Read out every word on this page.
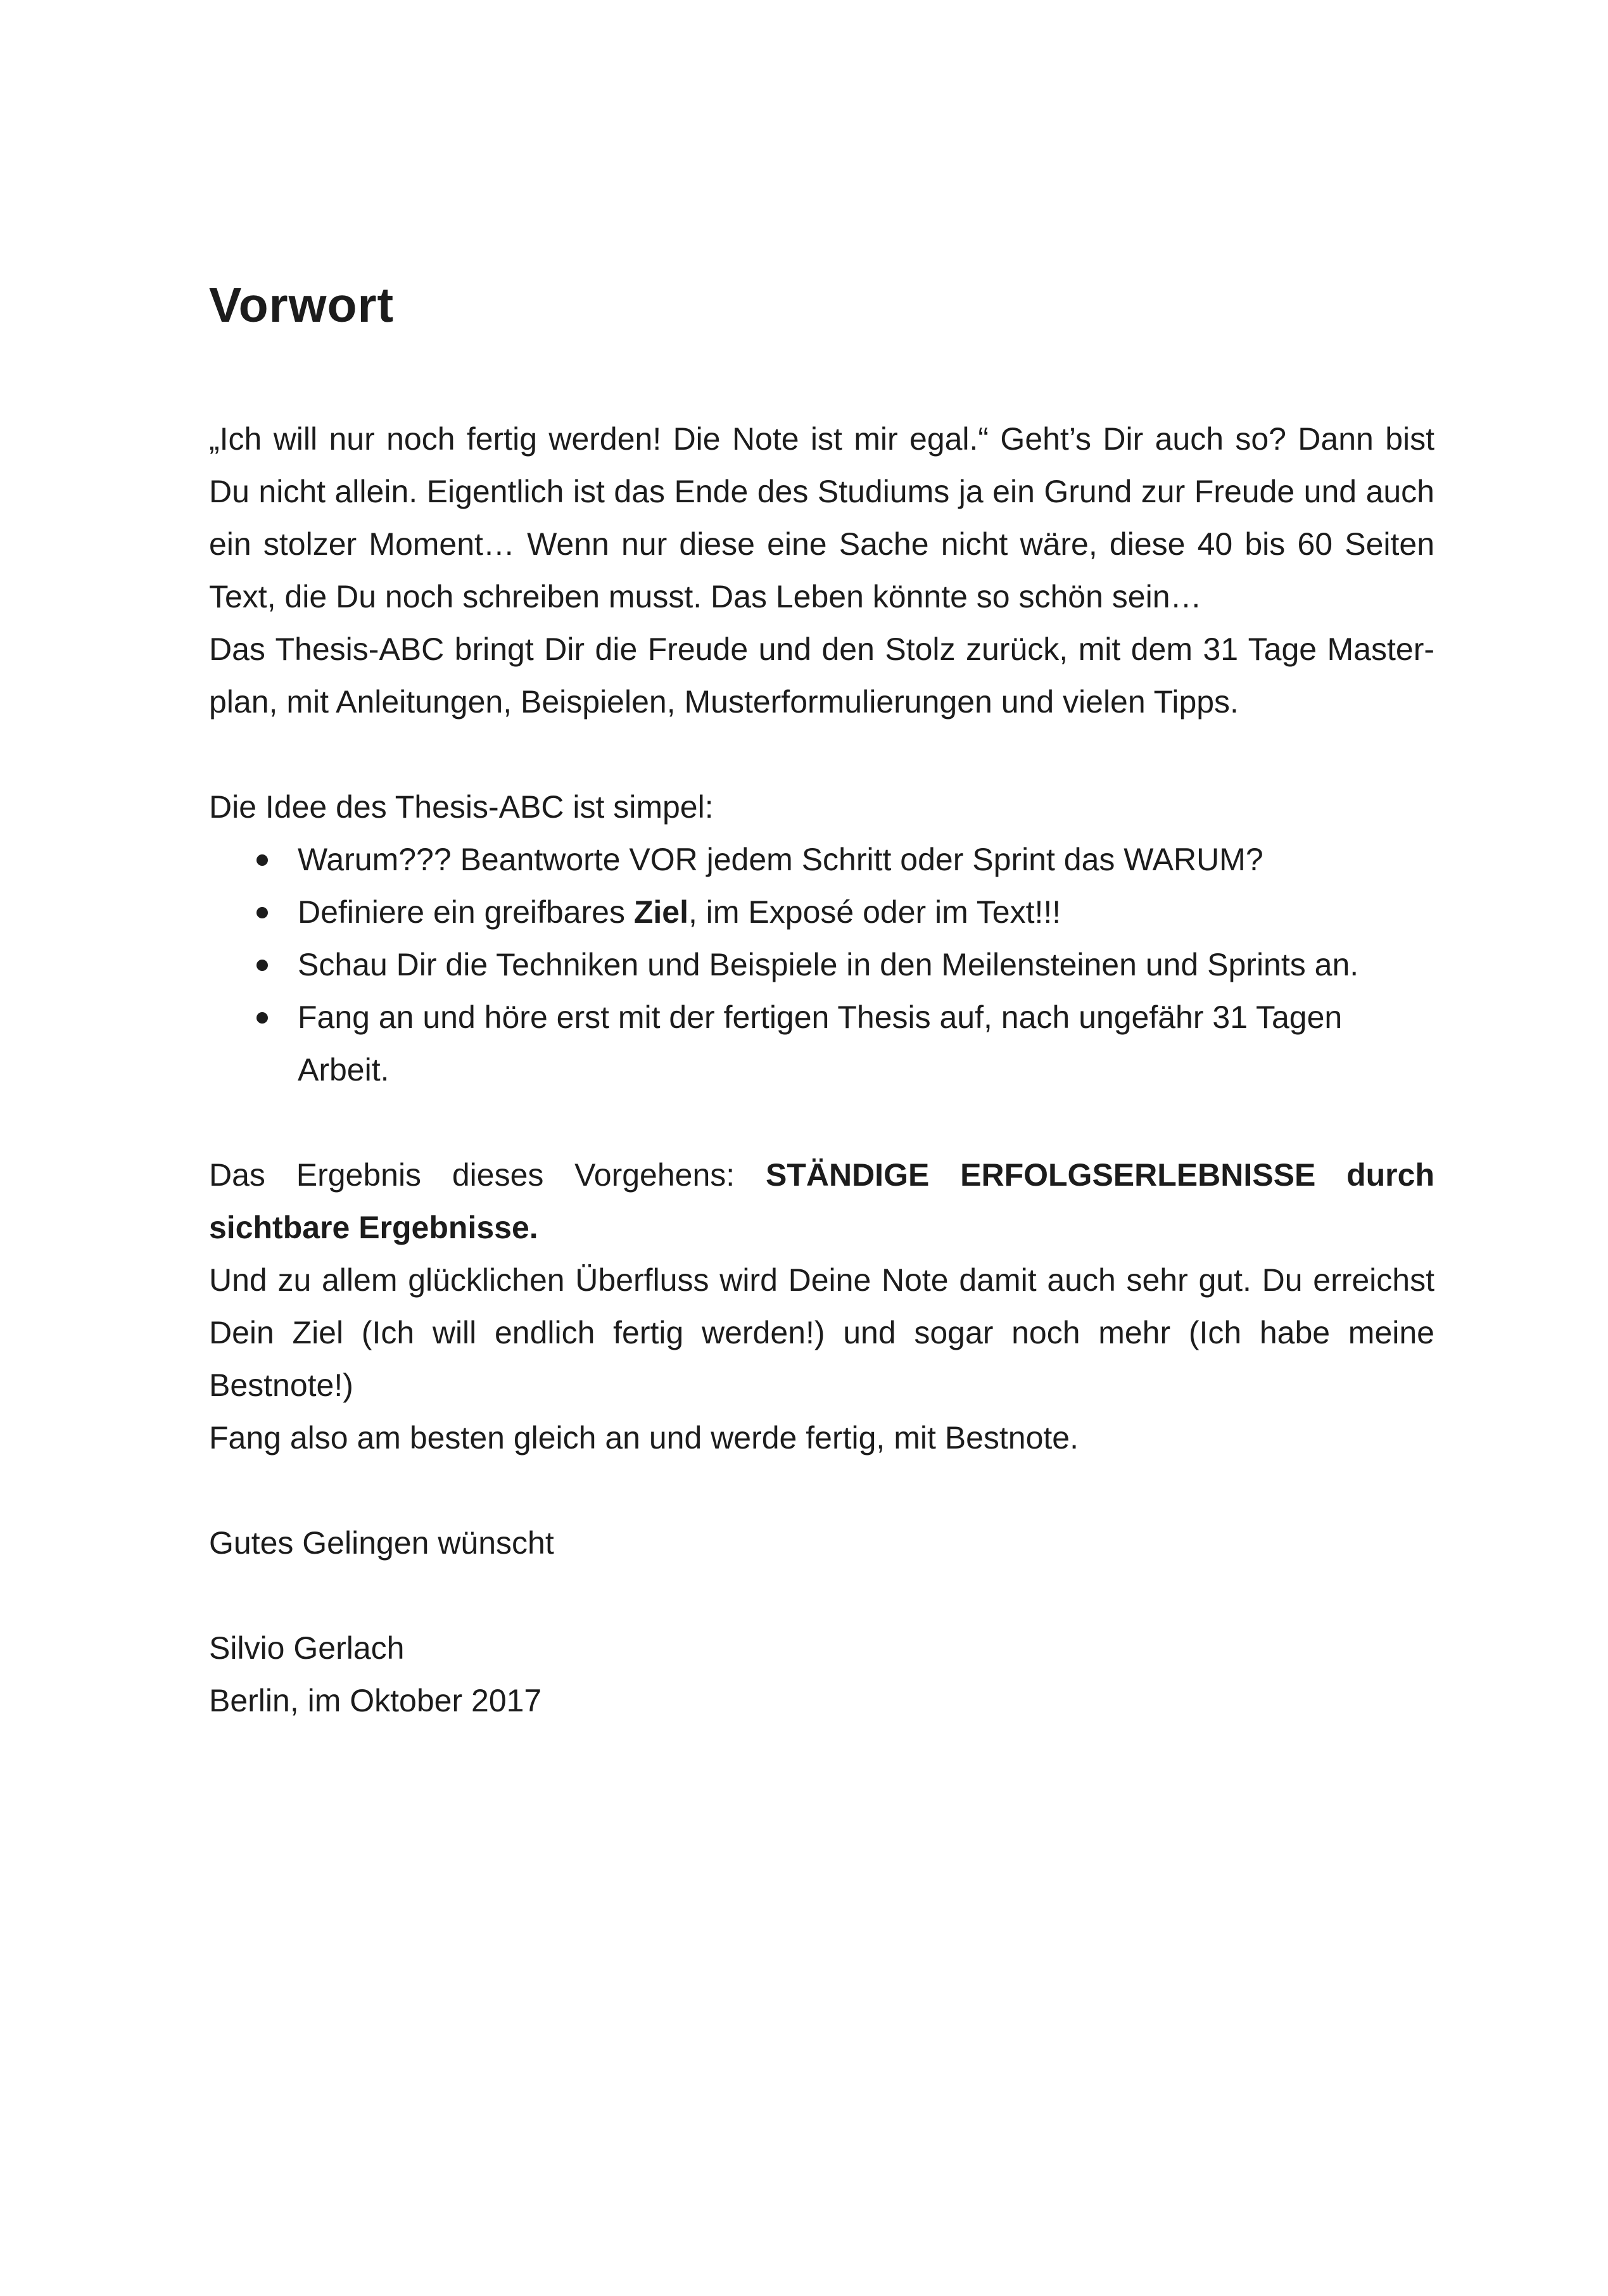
Vorwort

„Ich will nur noch fertig werden! Die Note ist mir egal.“ Geht’s Dir auch so? Dann bist Du nicht allein. Eigentlich ist das Ende des Studiums ja ein Grund zur Freude und auch ein stolzer Moment… Wenn nur diese eine Sache nicht wäre, diese 40 bis 60 Seiten Text, die Du noch schreiben musst. Das Leben könnte so schön sein…

Das Thesis-ABC bringt Dir die Freude und den Stolz zurück, mit dem 31 Tage Masterplan, mit Anleitungen, Beispielen, Musterformulierungen und vielen Tipps.

Die Idee des Thesis-ABC ist simpel:

Warum??? Beantworte VOR jedem Schritt oder Sprint das WARUM?
Definiere ein greifbares Ziel, im Exposé oder im Text!!!
Schau Dir die Techniken und Beispiele in den Meilensteinen und Sprints an.
Fang an und höre erst mit der fertigen Thesis auf, nach ungefähr 31 Tagen Arbeit.

Das Ergebnis dieses Vorgehens: STÄNDIGE ERFOLGSERLEBNISSE durch sichtbare Ergebnisse.

Und zu allem glücklichen Überfluss wird Deine Note damit auch sehr gut. Du erreichst Dein Ziel (Ich will endlich fertig werden!) und sogar noch mehr (Ich habe meine Bestnote!)

Fang also am besten gleich an und werde fertig, mit Bestnote.

Gutes Gelingen wünscht

Silvio Gerlach

Berlin, im Oktober 2017
